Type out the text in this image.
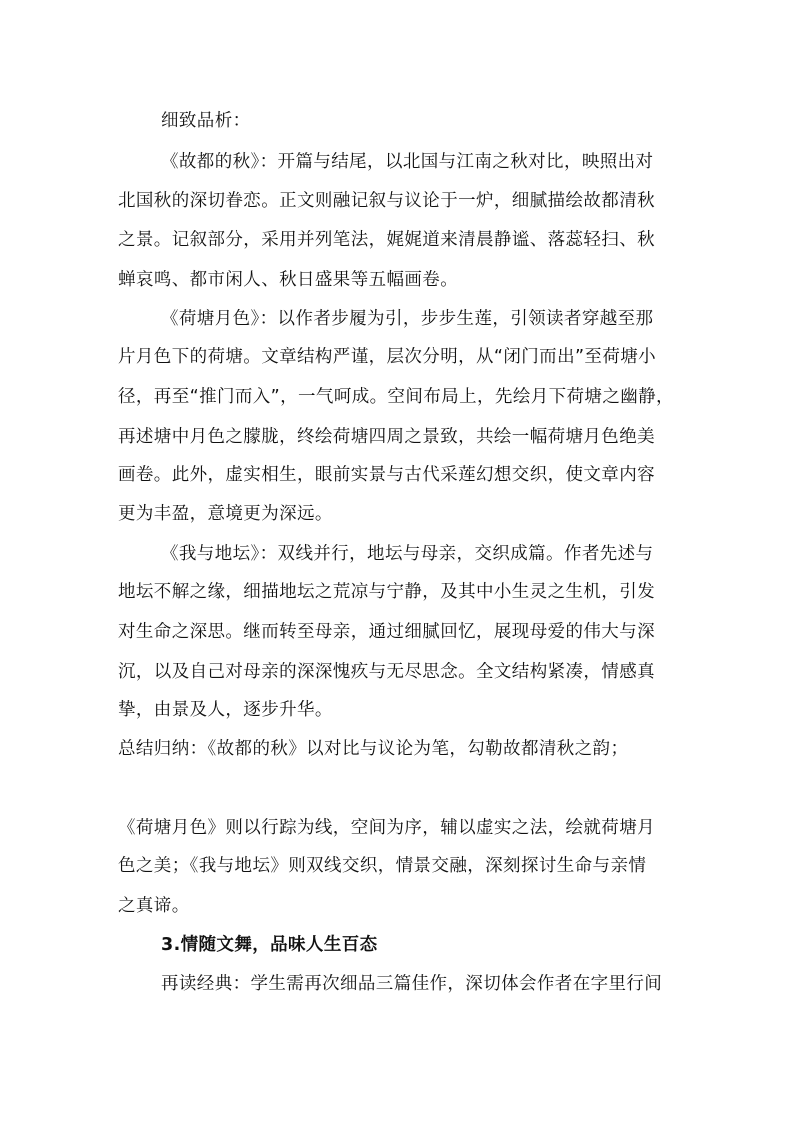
细致品析：
《故都的秋》：开篇与结尾，以北国与江南之秋对比，映照出对
北国秋的深切眷恋。正文则融记叙与议论于一炉，细腻描绘故都清秋
之景。记叙部分，采用并列笔法，娓娓道来清晨静谧、落蕊轻扫、秋
蝉哀鸣、都市闲人、秋日盛果等五幅画卷。
《荷塘月色》：以作者步履为引，步步生莲，引领读者穿越至那
片月色下的荷塘。文章结构严谨，层次分明，从“闭门而出”至荷塘小
径，再至“推门而入”，一气呵成。空间布局上，先绘月下荷塘之幽静，
再述塘中月色之朦胧，终绘荷塘四周之景致，共绘一幅荷塘月色绝美
画卷。此外，虚实相生，眼前实景与古代采莲幻想交织，使文章内容
更为丰盈，意境更为深远。
《我与地坛》：双线并行，地坛与母亲，交织成篇。作者先述与
地坛不解之缘，细描地坛之荒凉与宁静，及其中小生灵之生机，引发
对生命之深思。继而转至母亲，通过细腻回忆，展现母爱的伟大与深
沉，以及自己对母亲的深深愧疚与无尽思念。全文结构紧凑，情感真
挚，由景及人，逐步升华。
总结归纳：《故都的秋》以对比与议论为笔，勾勒故都清秋之韵；
《荷塘月色》则以行踪为线，空间为序，辅以虚实之法，绘就荷塘月
色之美；《我与地坛》则双线交织，情景交融，深刻探讨生命与亲情
之真谛。
3.情随文舞，品味人生百态
再读经典：学生需再次细品三篇佳作，深切体会作者在字里行间
